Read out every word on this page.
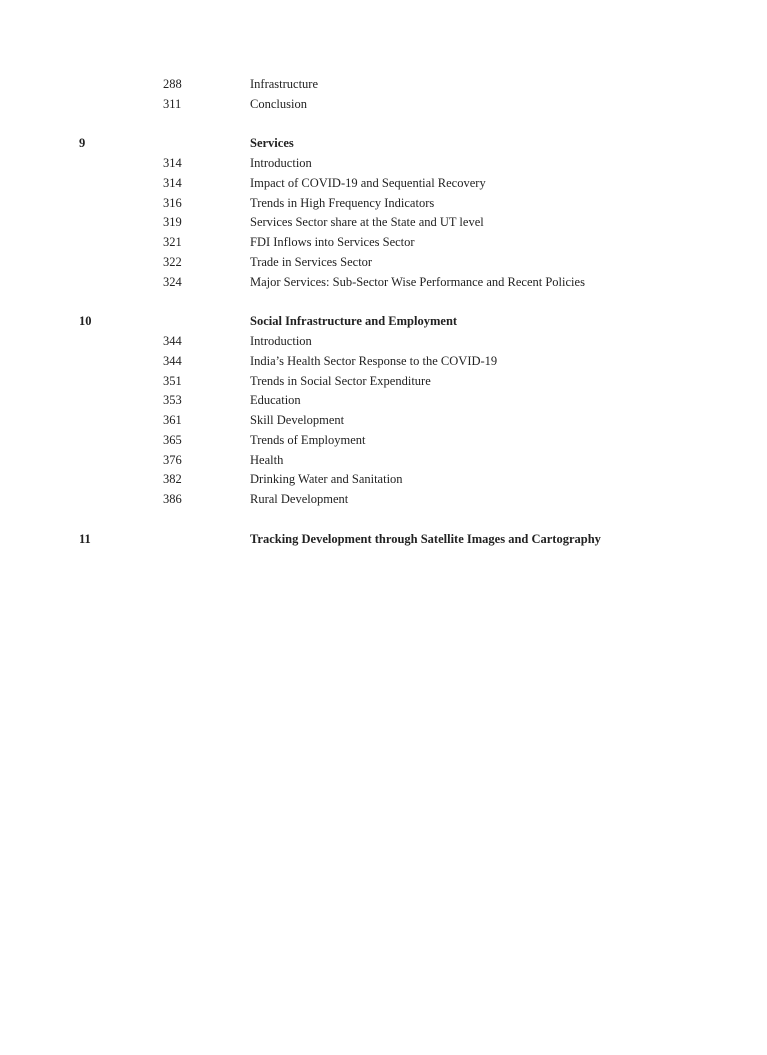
288	Infrastructure
311	Conclusion
9	Services
314	Introduction
314	Impact of COVID-19 and Sequential Recovery
316	Trends in High Frequency Indicators
319	Services Sector share at the State and UT level
321	FDI Inflows into Services Sector
322	Trade in Services Sector
324	Major Services: Sub-Sector Wise Performance and Recent Policies
10	Social Infrastructure and Employment
344	Introduction
344	India’s Health Sector Response to the COVID-19
351	Trends in Social Sector Expenditure
353	Education
361	Skill Development
365	Trends of Employment
376	Health
382	Drinking Water and Sanitation
386	Rural Development
11	Tracking Development through Satellite Images and Cartography
